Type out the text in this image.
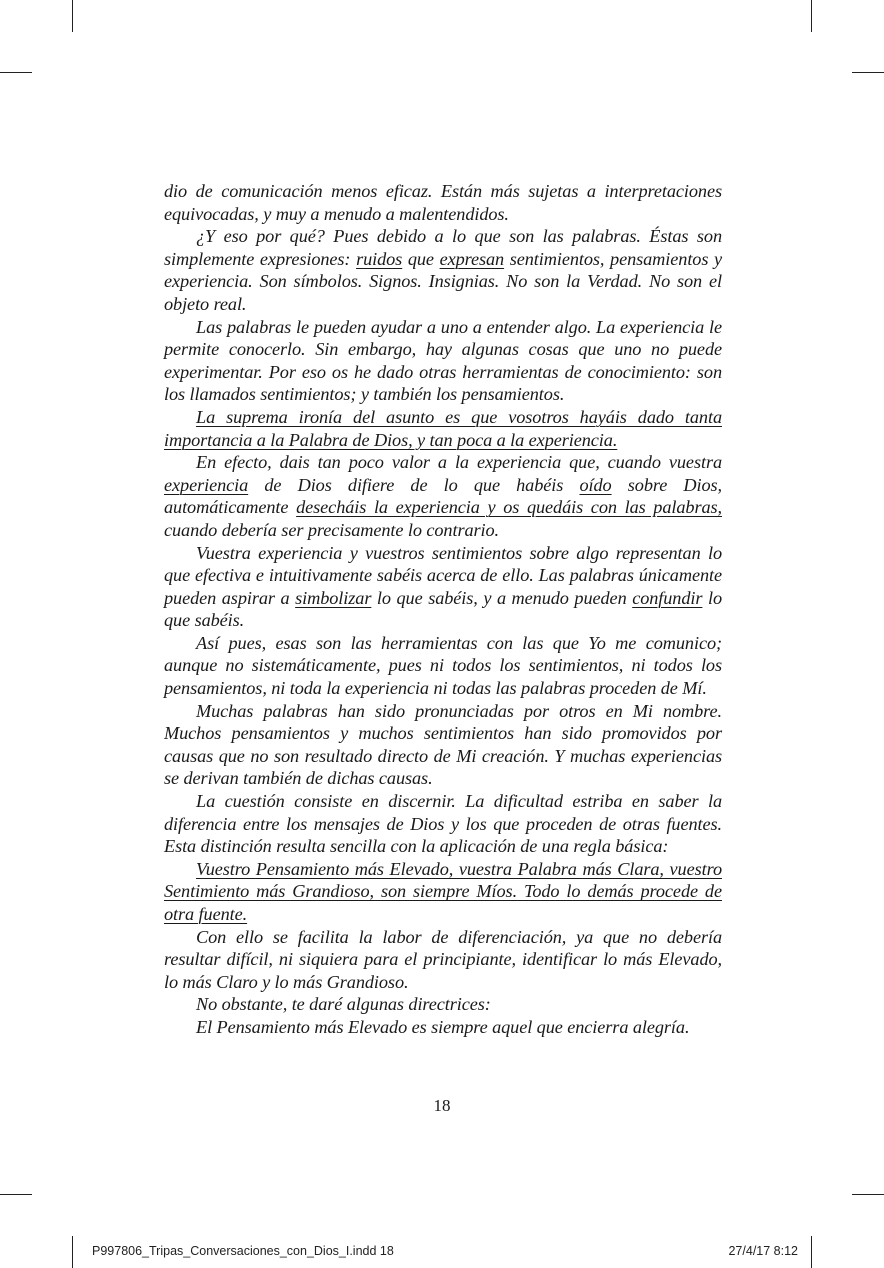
dio de comunicación menos eficaz. Están más sujetas a interpretaciones equivocadas, y muy a menudo a malentendidos.

¿Y eso por qué? Pues debido a lo que son las palabras. Éstas son simplemente expresiones: ruidos que expresan sentimientos, pensamientos y experiencia. Son símbolos. Signos. Insignias. No son la Verdad. No son el objeto real.

Las palabras le pueden ayudar a uno a entender algo. La experiencia le permite conocerlo. Sin embargo, hay algunas cosas que uno no puede experimentar. Por eso os he dado otras herramientas de conocimiento: son los llamados sentimientos; y también los pensamientos.

La suprema ironía del asunto es que vosotros hayáis dado tanta importancia a la Palabra de Dios, y tan poca a la experiencia.

En efecto, dais tan poco valor a la experiencia que, cuando vuestra experiencia de Dios difiere de lo que habéis oído sobre Dios, automáticamente desecháis la experiencia y os quedáis con las palabras, cuando debería ser precisamente lo contrario.

Vuestra experiencia y vuestros sentimientos sobre algo representan lo que efectiva e intuitivamente sabéis acerca de ello. Las palabras únicamente pueden aspirar a simbolizar lo que sabéis, y a menudo pueden confundir lo que sabéis.

Así pues, esas son las herramientas con las que Yo me comunico; aunque no sistemáticamente, pues ni todos los sentimientos, ni todos los pensamientos, ni toda la experiencia ni todas las palabras proceden de Mí.

Muchas palabras han sido pronunciadas por otros en Mi nombre. Muchos pensamientos y muchos sentimientos han sido promovidos por causas que no son resultado directo de Mi creación. Y muchas experiencias se derivan también de dichas causas.

La cuestión consiste en discernir. La dificultad estriba en saber la diferencia entre los mensajes de Dios y los que proceden de otras fuentes. Esta distinción resulta sencilla con la aplicación de una regla básica:

Vuestro Pensamiento más Elevado, vuestra Palabra más Clara, vuestro Sentimiento más Grandioso, son siempre Míos. Todo lo demás procede de otra fuente.

Con ello se facilita la labor de diferenciación, ya que no debería resultar difícil, ni siquiera para el principiante, identificar lo más Elevado, lo más Claro y lo más Grandioso.

No obstante, te daré algunas directrices:

El Pensamiento más Elevado es siempre aquel que encierra alegría.

18
P997806_Tripas_Conversaciones_con_Dios_I.indd 18	27/4/17 8:12
